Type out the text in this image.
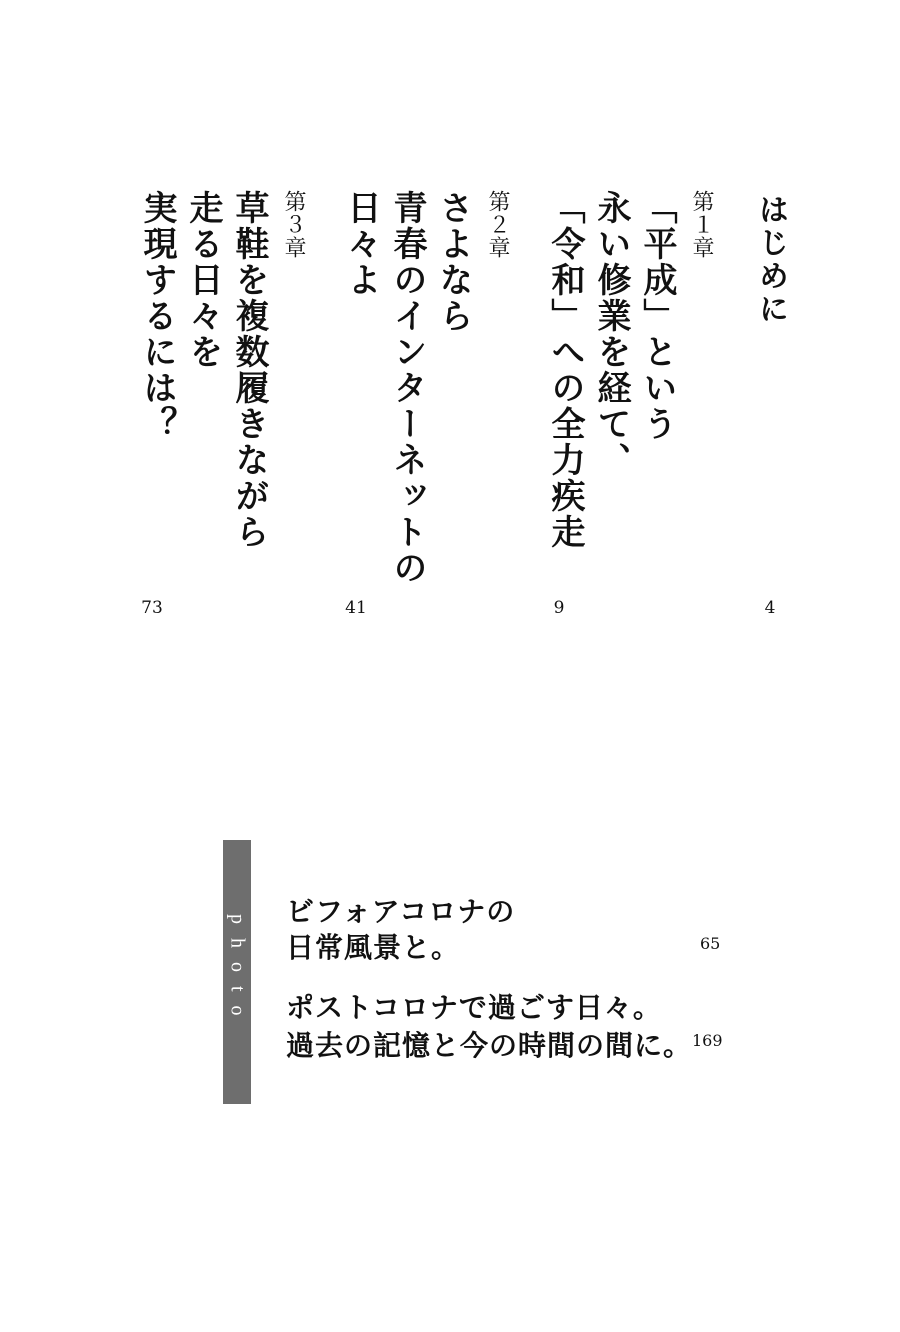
はじめに
4
第１章
「平成」という
永い修業を経て、
「令和」への全力疾走
9
第２章
さよなら
青春のインターネットの
日々よ
41
第３章
草鞋を複数履きながら
走る日々を
実現するには？
73
photo
ビフォアコロナの
日常風景と。	65
ポストコロナで過ごす日々。
過去の記憶と今の時間の間に。 169
